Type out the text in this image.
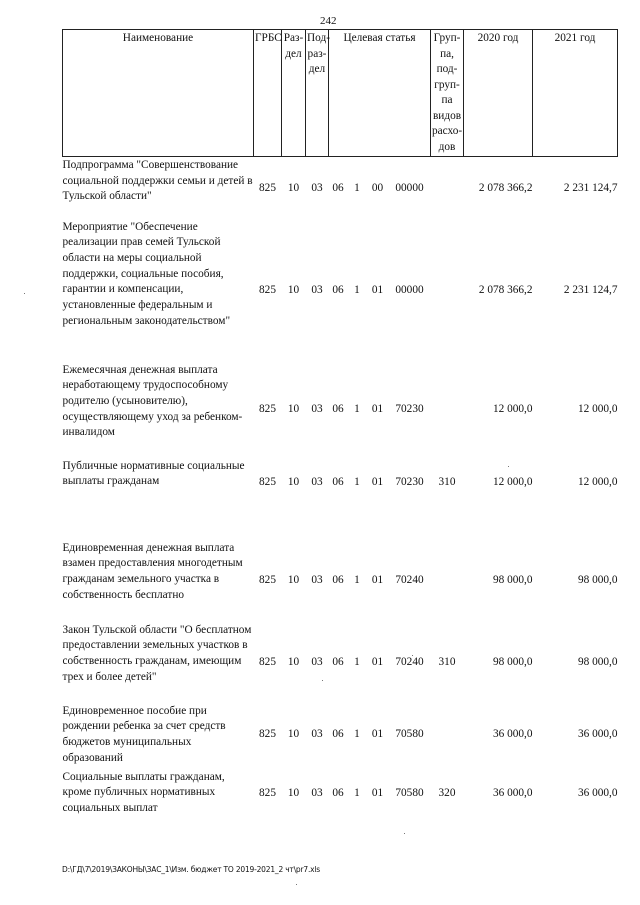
242
Наименование	ГРБС	Раз-дел	Под-раз-дел	Целевая статья				Груп-па, под-груп-па видов расхо-дов	2020 год	2021 год
Подпрограмма "Совершенствование социальной поддержки семьи и детей в Тульской области"	825	10	03	06	1	00	00000		2 078 366,2	2 231 124,7
Мероприятие "Обеспечение реализации прав семей Тульской области на меры социальной поддержки, социальные пособия, гарантии и компенсации, установленные федеральным и региональным законодательством"	825	10	03	06	1	01	00000		2 078 366,2	2 231 124,7
Ежемесячная денежная выплата неработающему трудоспособному родителю (усыновителю), осуществляющему уход за ребенком-инвалидом	825	10	03	06	1	01	70230		12 000,0	12 000,0
Публичные нормативные социальные выплаты гражданам	825	10	03	06	1	01	70230	310	12 000,0	12 000,0
Единовременная денежная выплата взамен предоставления многодетным гражданам земельного участка в собственность бесплатно	825	10	03	06	1	01	70240		98 000,0	98 000,0
Закон Тульской области "О бесплатном предоставлении земельных участков в собственность гражданам, имеющим трех и более детей"	825	10	03	06	1	01	70240	310	98 000,0	98 000,0
Единовременное пособие при рождении ребенка за счет средств бюджетов муниципальных образований	825	10	03	06	1	01	70580		36 000,0	36 000,0
Социальные выплаты гражданам, кроме публичных нормативных социальных выплат	825	10	03	06	1	01	70580	320	36 000,0	36 000,0
D:\ГД\7\2019\ЗАКОНЫ\ЗАС_1\Изм. бюджет ТО 2019-2021_2 чт\pr7.xls
